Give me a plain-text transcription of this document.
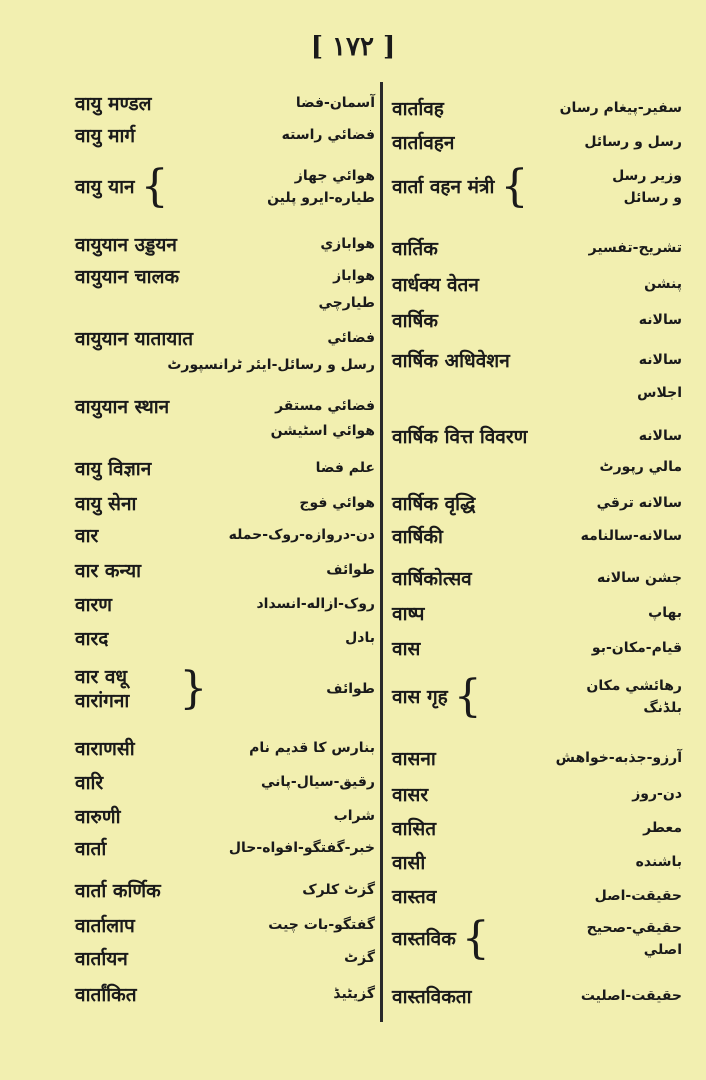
[ ١٧٢ ]
वायु मण्डल	آسمان-فضا
वायु मार्ग	فضائي راسته
वायु यान {	هوائي جهاز
طياره-ايرو پلين
वायुयान उड्डयन	هوابازي
वायुयान चालक	هواباز
طيارچي
वायुयान यातायात	فضائي
رسل و رسائل-ايئر ٹرانسپورٹ
वायुयान स्थान	فضائي مستقر
هوائي اسٹيشن
वायु विज्ञान	علم فضا
वायु सेना	هوائي فوج
वार	دن-دروازه-روک-حمله
वार कन्या	طوائف
वारण	روک-ازاله-انسداد
वारद	بادل
वार वधू
वारांगना }	طوائف
वाराणसी	بنارس کا قديم نام
वारि	رقيق-سيال-پاني
वारुणी	شراب
वार्ता	خبر-گفتگو-افواه-حال
वार्ता कर्णिक	گزٹ کلرک
वार्तालाप	گفتگو-بات چيت
वार्तायन	گزٹ
वार्तांकित	گزيٹيڈ
वार्तावह	سفير-پيغام رسان
वार्तावहन	رسل و رسائل
वार्ता वहन मंत्री {	وزير رسل
و رسائل
वार्तिक	تشريح-تفسير
वार्धक्य वेतन	پنشن
वार्षिक	سالانه
वार्षिक अधिवेशन	سالانه
اجلاس
वार्षिक वित्त विवरण	سالانه
مالي رپورٹ
वार्षिक वृद्धि	سالانه ترقي
वार्षिकी	سالانه-سالنامه
वार्षिकोत्सव	جشن سالانه
वाष्प	بهاپ
वास	قيام-مکان-بو
वास गृह {	رهائشي مکان
بلڈنگ
वासना	آرزو-جذبه-خواهش
वासर	دن-روز
वासित	معطر
वासी	باشنده
वास्तव	حقيقت-اصل
वास्तविक {	حقيقي-صحيح
اصلي
वास्तविकता	حقيقت-اصليت
